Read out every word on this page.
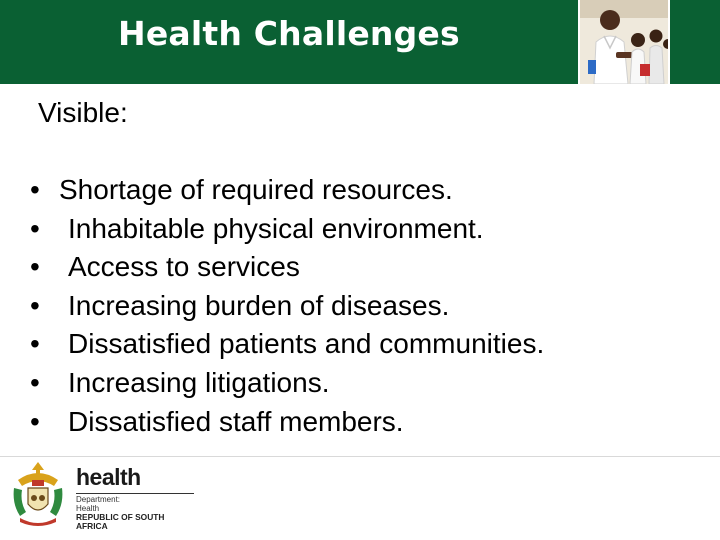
Health Challenges
Visible:
• Shortage of required resources.
•	Inhabitable physical environment.
•	Access to services
•	Increasing burden of diseases.
•	Dissatisfied patients and communities.
•	Increasing litigations.
•	Dissatisfied staff members.
health
Department:
Health
REPUBLIC OF SOUTH AFRICA
